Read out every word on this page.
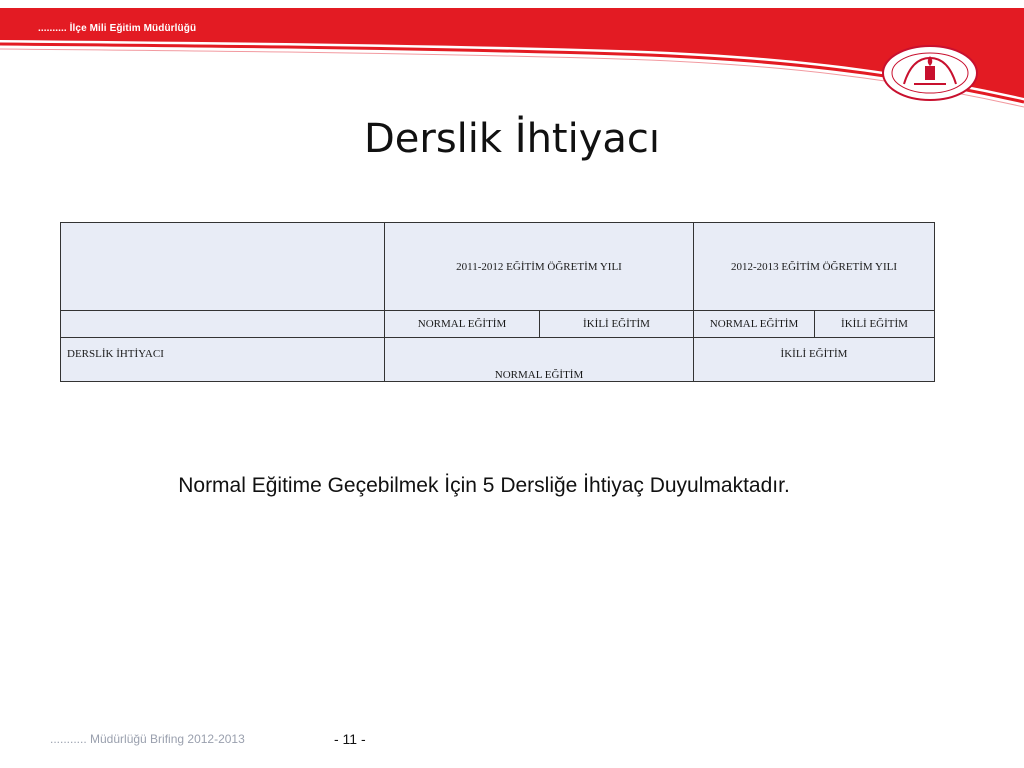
.......... İlçe Mili Eğitim Müdürlüğü
Derslik İhtiyacı
	2011-2012 EĞİTİM ÖĞRETİM YILI		2012-2013 EĞİTİM ÖĞRETİM YILI	
	NORMAL EĞİTİM	İKİLİ EĞİTİM	NORMAL EĞİTİM	İKİLİ EĞİTİM
DERSLİK İHTİYACI	NORMAL EĞİTİM		İKİLİ EĞİTİM	
Normal Eğitime Geçebilmek İçin 5 Dersliğe İhtiyaç Duyulmaktadır.
........... Müdürlüğü Brifing 2012-2013	- 11 -
